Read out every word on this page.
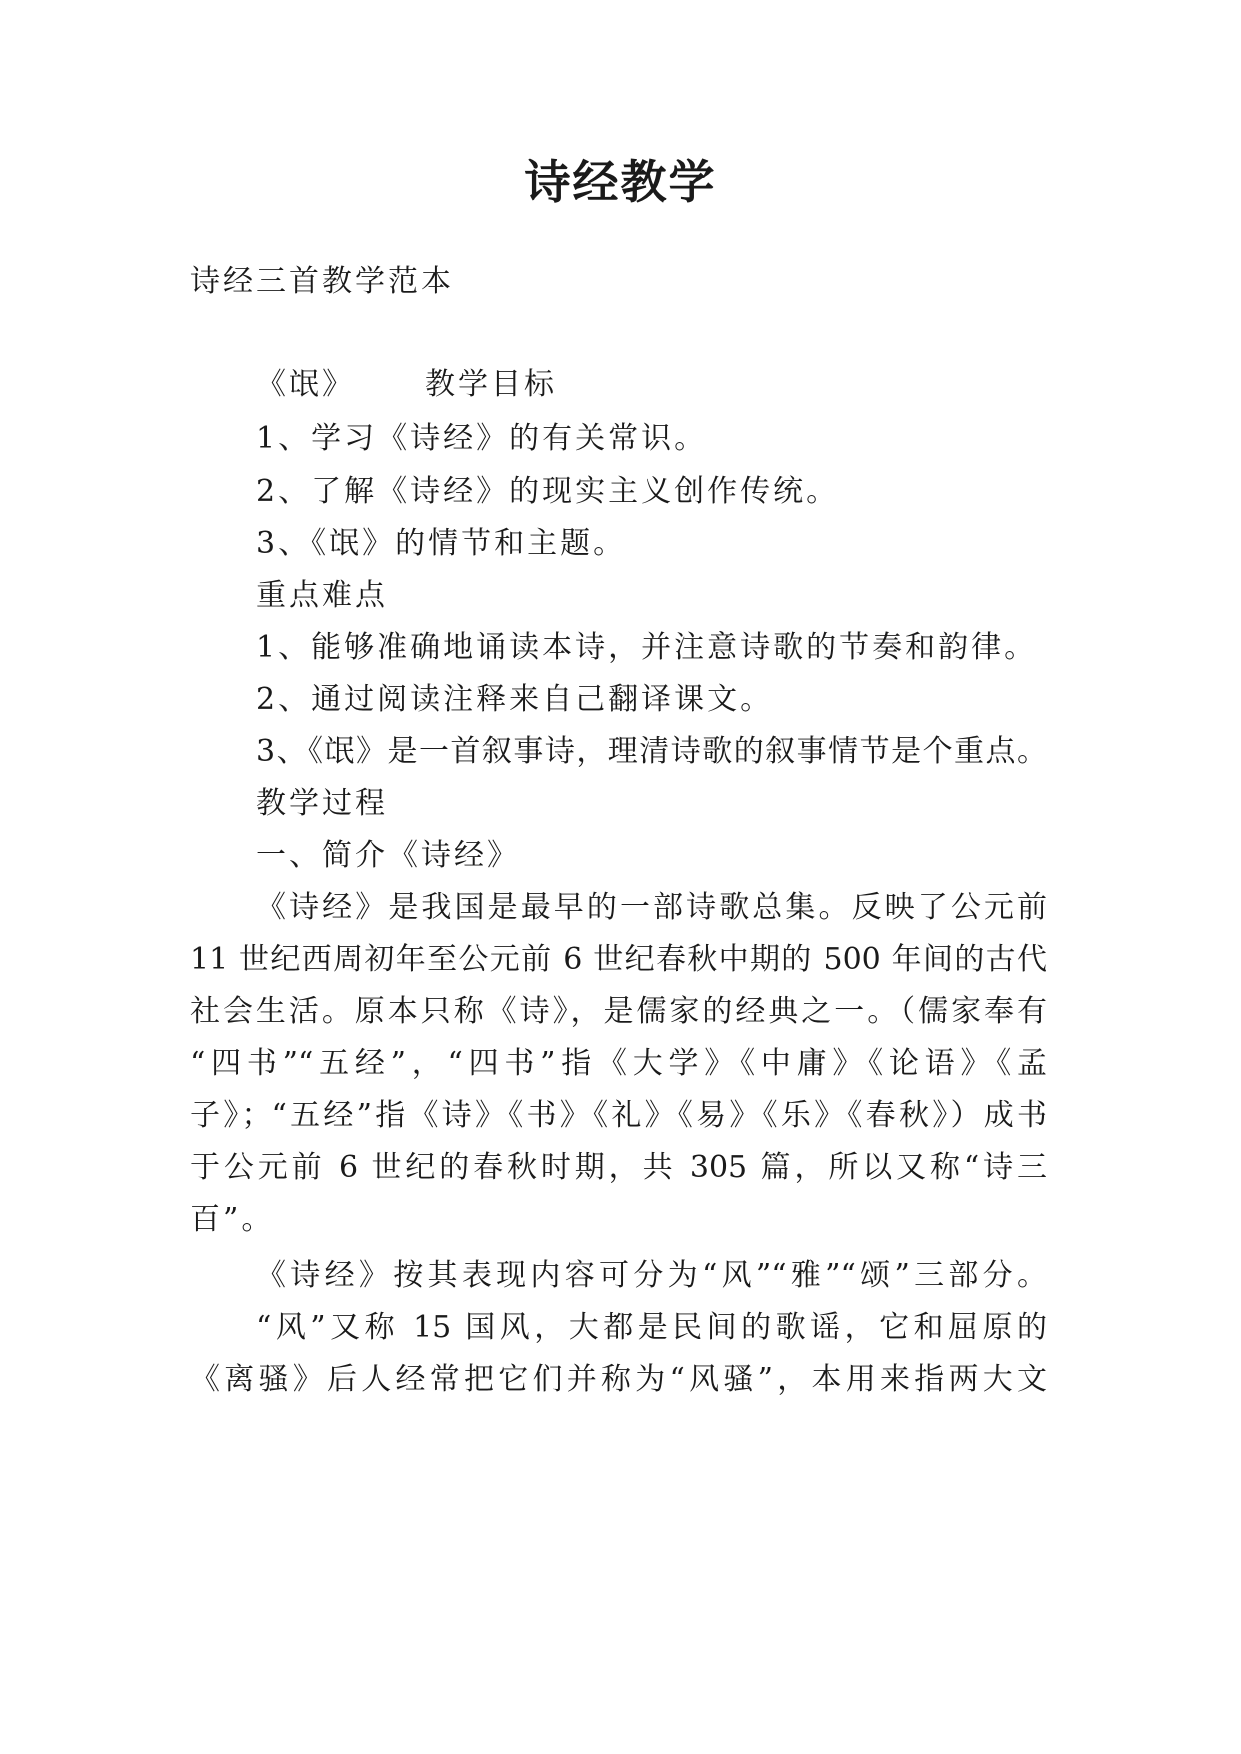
诗经教学
诗经三首教学范本
《氓》 教学目标
1、学习《诗经》的有关常识。
2、了解《诗经》的现实主义创作传统。
3、《氓》的情节和主题。
重点难点
1、能够准确地诵读本诗，并注意诗歌的节奏和韵律。
2、通过阅读注释来自己翻译课文。
3、《氓》是一首叙事诗，理清诗歌的叙事情节是个重点。
教学过程
一、简介《诗经》
《诗经》是我国是最早的一部诗歌总集。反映了公元前
11 世纪西周初年至公元前 6 世纪春秋中期的 500 年间的古代
社会生活。原本只称《诗》，是儒家的经典之一。（儒家奉有
“四书”“五经”，“四书”指《大学》《中庸》《论语》《孟
子》；“五经”指《诗》《书》《礼》《易》《乐》《春秋》）成书
于公元前 6 世纪的春秋时期，共 305 篇，所以又称“诗三
百”。
《诗经》按其表现内容可分为“风”“雅”“颂”三部分。
“风”又称 15 国风，大都是民间的歌谣，它和屈原的
《离骚》后人经常把它们并称为“风骚”，本用来指两大文
